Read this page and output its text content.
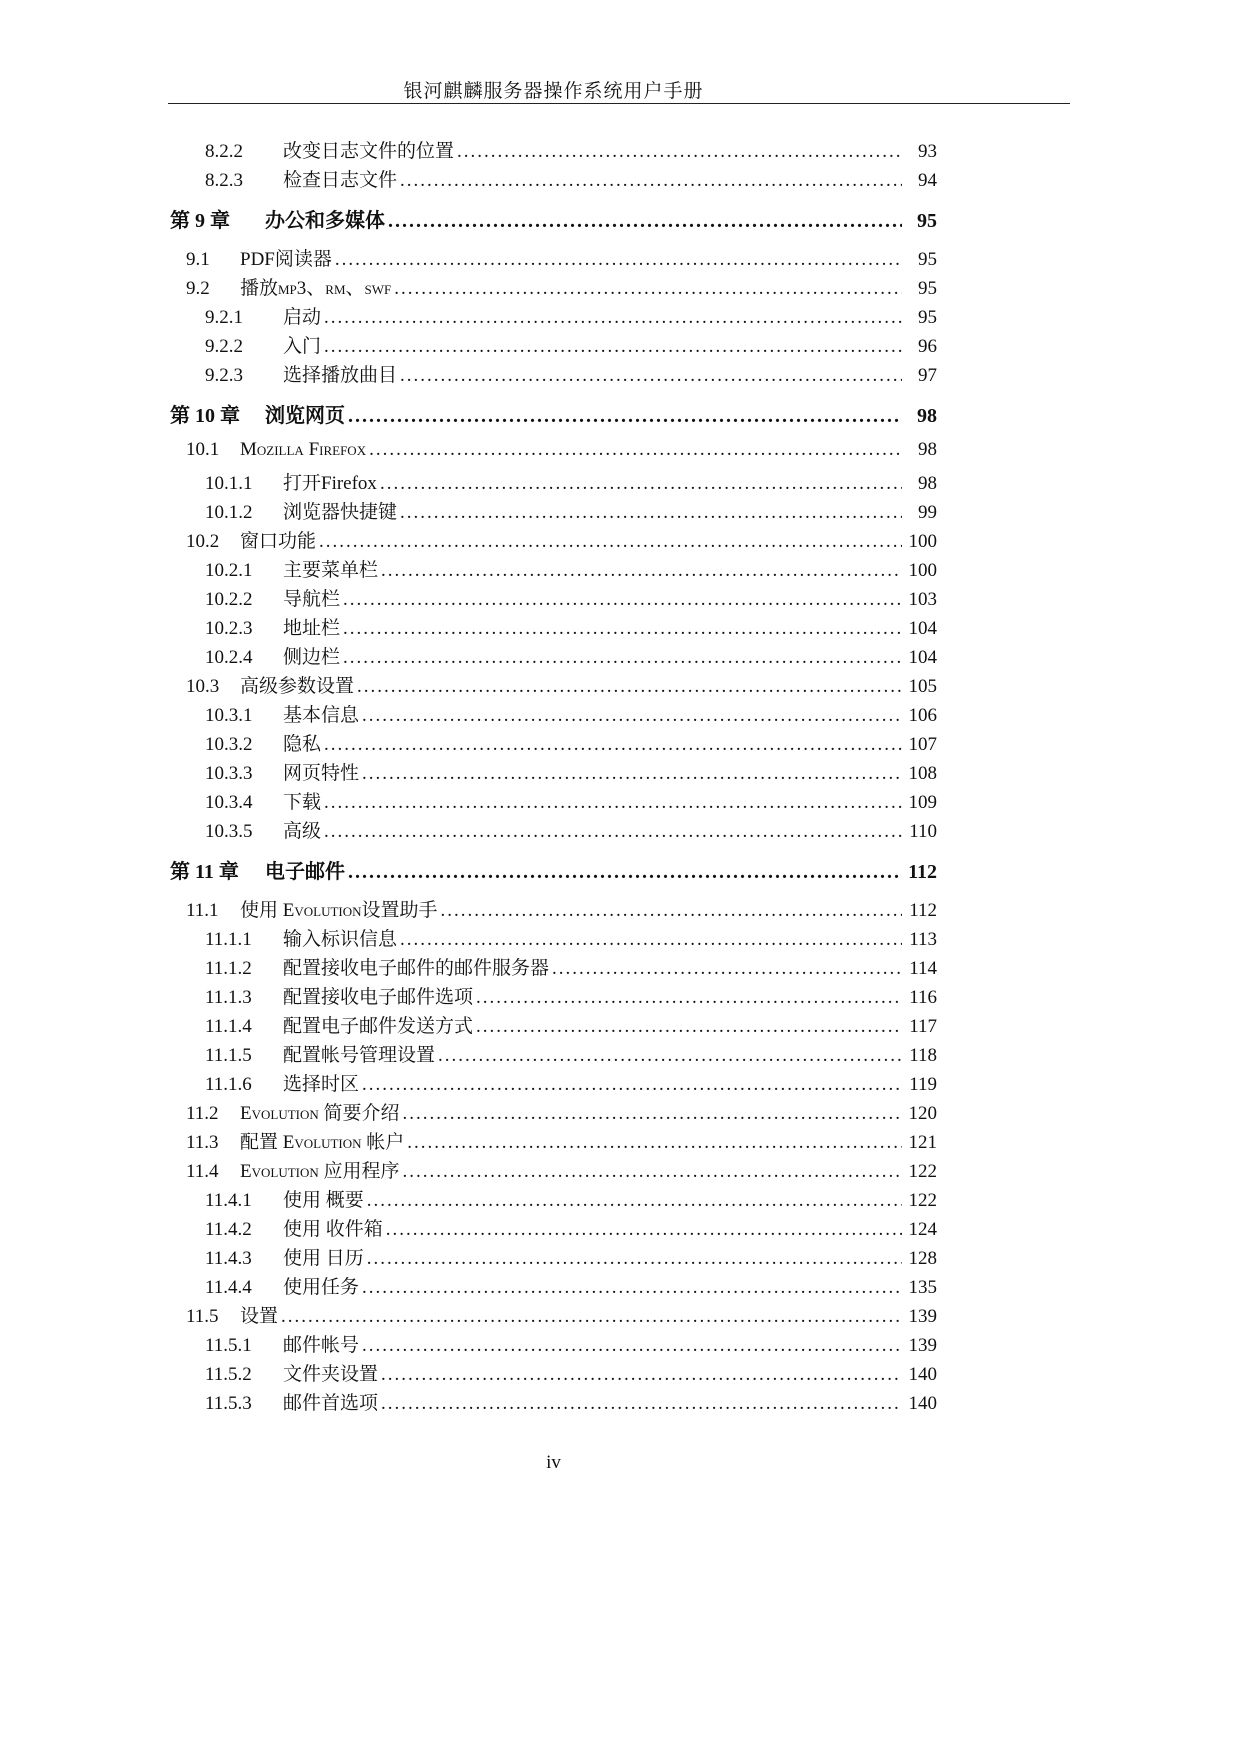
银河麒麟服务器操作系统用户手册
8.2.2	改变日志文件的位置 .....	93
8.2.3	检查日志文件 .....	94
第 9 章	办公和多媒体 .....	95
9.1	PDF阅读器 .....	95
9.2	播放mp3、rm、swf .....	95
9.2.1	启动 .....	95
9.2.2	入门 .....	96
9.2.3	选择播放曲目 .....	97
第 10 章	浏览网页 .....	98
10.1	Mozilla Firefox .....	98
10.1.1	打开Firefox .....	98
10.1.2	浏览器快捷键 .....	99
10.2	窗口功能 .....	100
10.2.1	主要菜单栏 .....	100
10.2.2	导航栏 .....	103
10.2.3	地址栏 .....	104
10.2.4	侧边栏 .....	104
10.3	高级参数设置 .....	105
10.3.1	基本信息 .....	106
10.3.2	隐私 .....	107
10.3.3	网页特性 .....	108
10.3.4	下载 .....	109
10.3.5	高级 .....	110
第 11 章	电子邮件 .....	112
11.1	使用 Evolution设置助手 .....	112
11.1.1	输入标识信息 .....	113
11.1.2	配置接收电子邮件的邮件服务器 .....	114
11.1.3	配置接收电子邮件选项 .....	116
11.1.4	配置电子邮件发送方式 .....	117
11.1.5	配置帐号管理设置 .....	118
11.1.6	选择时区 .....	119
11.2	Evolution 简要介绍 .....	120
11.3	配置 Evolution 帐户 .....	121
11.4	Evolution 应用程序 .....	122
11.4.1	使用 概要 .....	122
11.4.2	使用 收件箱 .....	124
11.4.3	使用 日历 .....	128
11.4.4	使用任务 .....	135
11.5	设置 .....	139
11.5.1	邮件帐号 .....	139
11.5.2	文件夹设置 .....	140
11.5.3	邮件首选项 .....	140
iv
